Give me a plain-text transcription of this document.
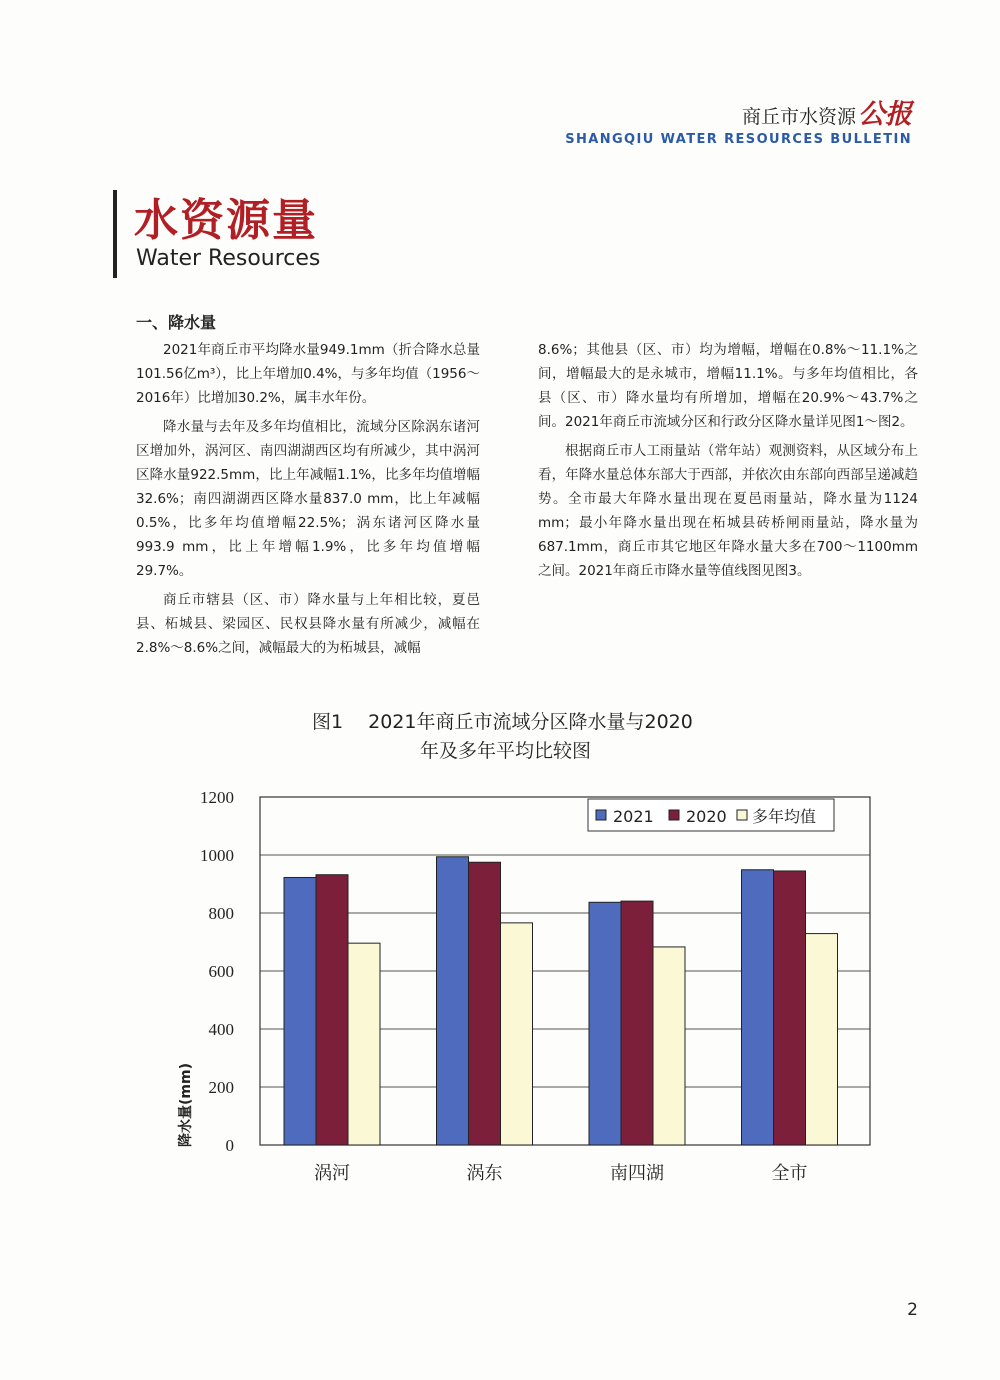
商丘市水资源公报
SHANGQIU WATER RESOURCES BULLETIN
水资源量
Water Resources
一、降水量

2021年商丘市平均降水量949.1mm（折合降水总量101.56亿m³），比上年增加0.4%，与多年均值（1956～2016年）比增加30.2%，属丰水年份。

降水量与去年及多年均值相比，流域分区除涡东诸河区增加外，涡河区、南四湖湖西区均有所减少，其中涡河区降水量922.5mm，比上年减幅1.1%，比多年均值增幅32.6%；南四湖湖西区降水量837.0 mm，比上年减幅0.5%，比多年均值增幅22.5%；涡东诸河区降水量993.9 mm，比上年增幅1.9%，比多年均值增幅29.7%。

商丘市辖县（区、市）降水量与上年相比较，夏邑县、柘城县、梁园区、民权县降水量有所减少，减幅在2.8%～8.6%之间，减幅最大的为柘城县，减幅

8.6%；其他县（区、市）均为增幅，增幅在0.8%～11.1%之间，增幅最大的是永城市，增幅11.1%。与多年均值相比，各县（区、市）降水量均有所增加，增幅在20.9%～43.7%之间。2021年商丘市流域分区和行政分区降水量详见图1～图2。

根据商丘市人工雨量站（常年站）观测资料，从区域分布上看，年降水量总体东部大于西部，并依次由东部向西部呈递减趋势。全市最大年降水量出现在夏邑雨量站，降水量为1124 mm；最小年降水量出现在柘城县砖桥闸雨量站，降水量为687.1mm，商丘市其它地区年降水量大多在700～1100mm之间。2021年商丘市降水量等值线图见图3。

图1　 2021年商丘市流域分区降水量与2020
年及多年平均比较图
0
200
400
600
800
1000
1200
涡河	涡东	南四湖	全市
降水量(mm)
2021 2020 多年均值
2
